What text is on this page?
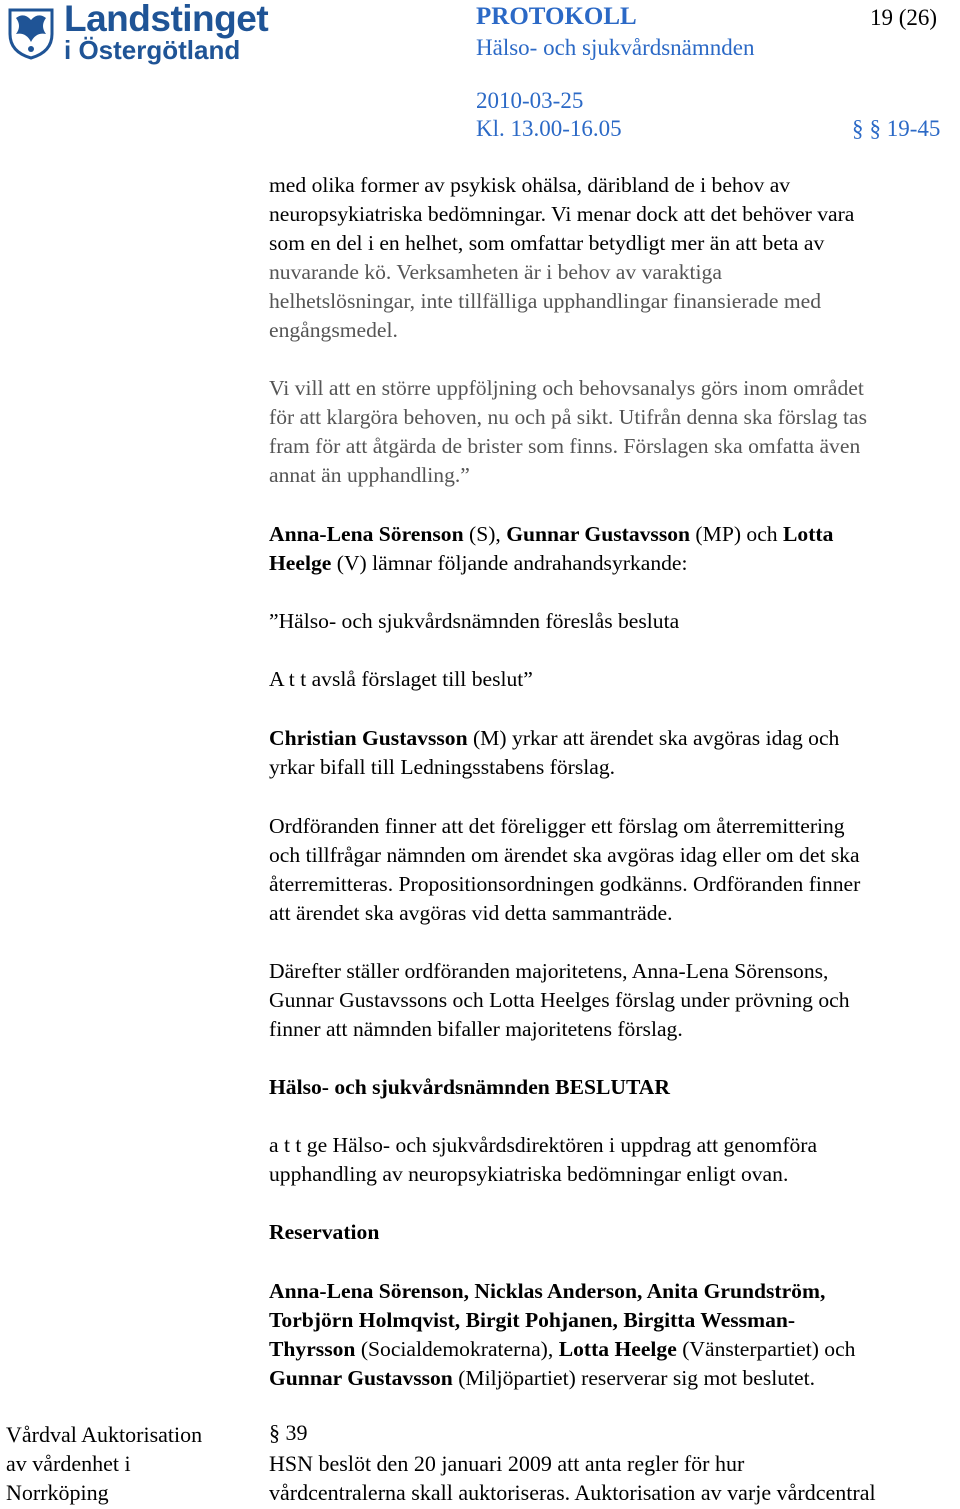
Landstinget
i Östergötland
PROTOKOLL	19 (26)
Hälso- och sjukvårdsnämnden
2010-03-25
Kl. 13.00-16.05	§ § 19-45

med olika former av psykisk ohälsa, däribland de i behov av
neuropsykiatriska bedömningar. Vi menar dock att det behöver vara
som en del i en helhet, som omfattar betydligt mer än att beta av
nuvarande kö. Verksamheten är i behov av varaktiga
helhetslösningar, inte tillfälliga upphandlingar finansierade med
engångsmedel.

Vi vill att en större uppföljning och behovsanalys görs inom området
för att klargöra behoven, nu och på sikt. Utifrån denna ska förslag tas
fram för att åtgärda de brister som finns. Förslagen ska omfatta även
annat än upphandling.”

Anna-Lena Sörenson (S), Gunnar Gustavsson (MP) och Lotta
Heelge (V) lämnar följande andrahandsyrkande:

”Hälso- och sjukvårdsnämnden föreslås besluta

A t t avslå förslaget till beslut”

Christian Gustavsson (M) yrkar att ärendet ska avgöras idag och
yrkar bifall till Ledningsstabens förslag.

Ordföranden finner att det föreligger ett förslag om återremittering
och tillfrågar nämnden om ärendet ska avgöras idag eller om det ska
återremitteras. Propositionsordningen godkänns. Ordföranden finner
att ärendet ska avgöras vid detta sammanträde.

Därefter ställer ordföranden majoritetens, Anna-Lena Sörensons,
Gunnar Gustavssons och Lotta Heelges förslag under prövning och
finner att nämnden bifaller majoritetens förslag.

Hälso- och sjukvårdsnämnden BESLUTAR

a t t ge Hälso- och sjukvårdsdirektören i uppdrag att genomföra
upphandling av neuropsykiatriska bedömningar enligt ovan.

Reservation

Anna-Lena Sörenson, Nicklas Anderson, Anita Grundström,
Torbjörn Holmqvist, Birgit Pohjanen, Birgitta Wessman-
Thyrsson (Socialdemokraterna), Lotta Heelge (Vänsterpartiet) och
Gunnar Gustavsson (Miljöpartiet) reserverar sig mot beslutet.

Vårdval Auktorisation
av vårdenhet i
Norrköping
§ 39
HSN beslöt den 20 januari 2009 att anta regler för hur
vårdcentralerna skall auktoriseras. Auktorisation av varje vårdcentral
